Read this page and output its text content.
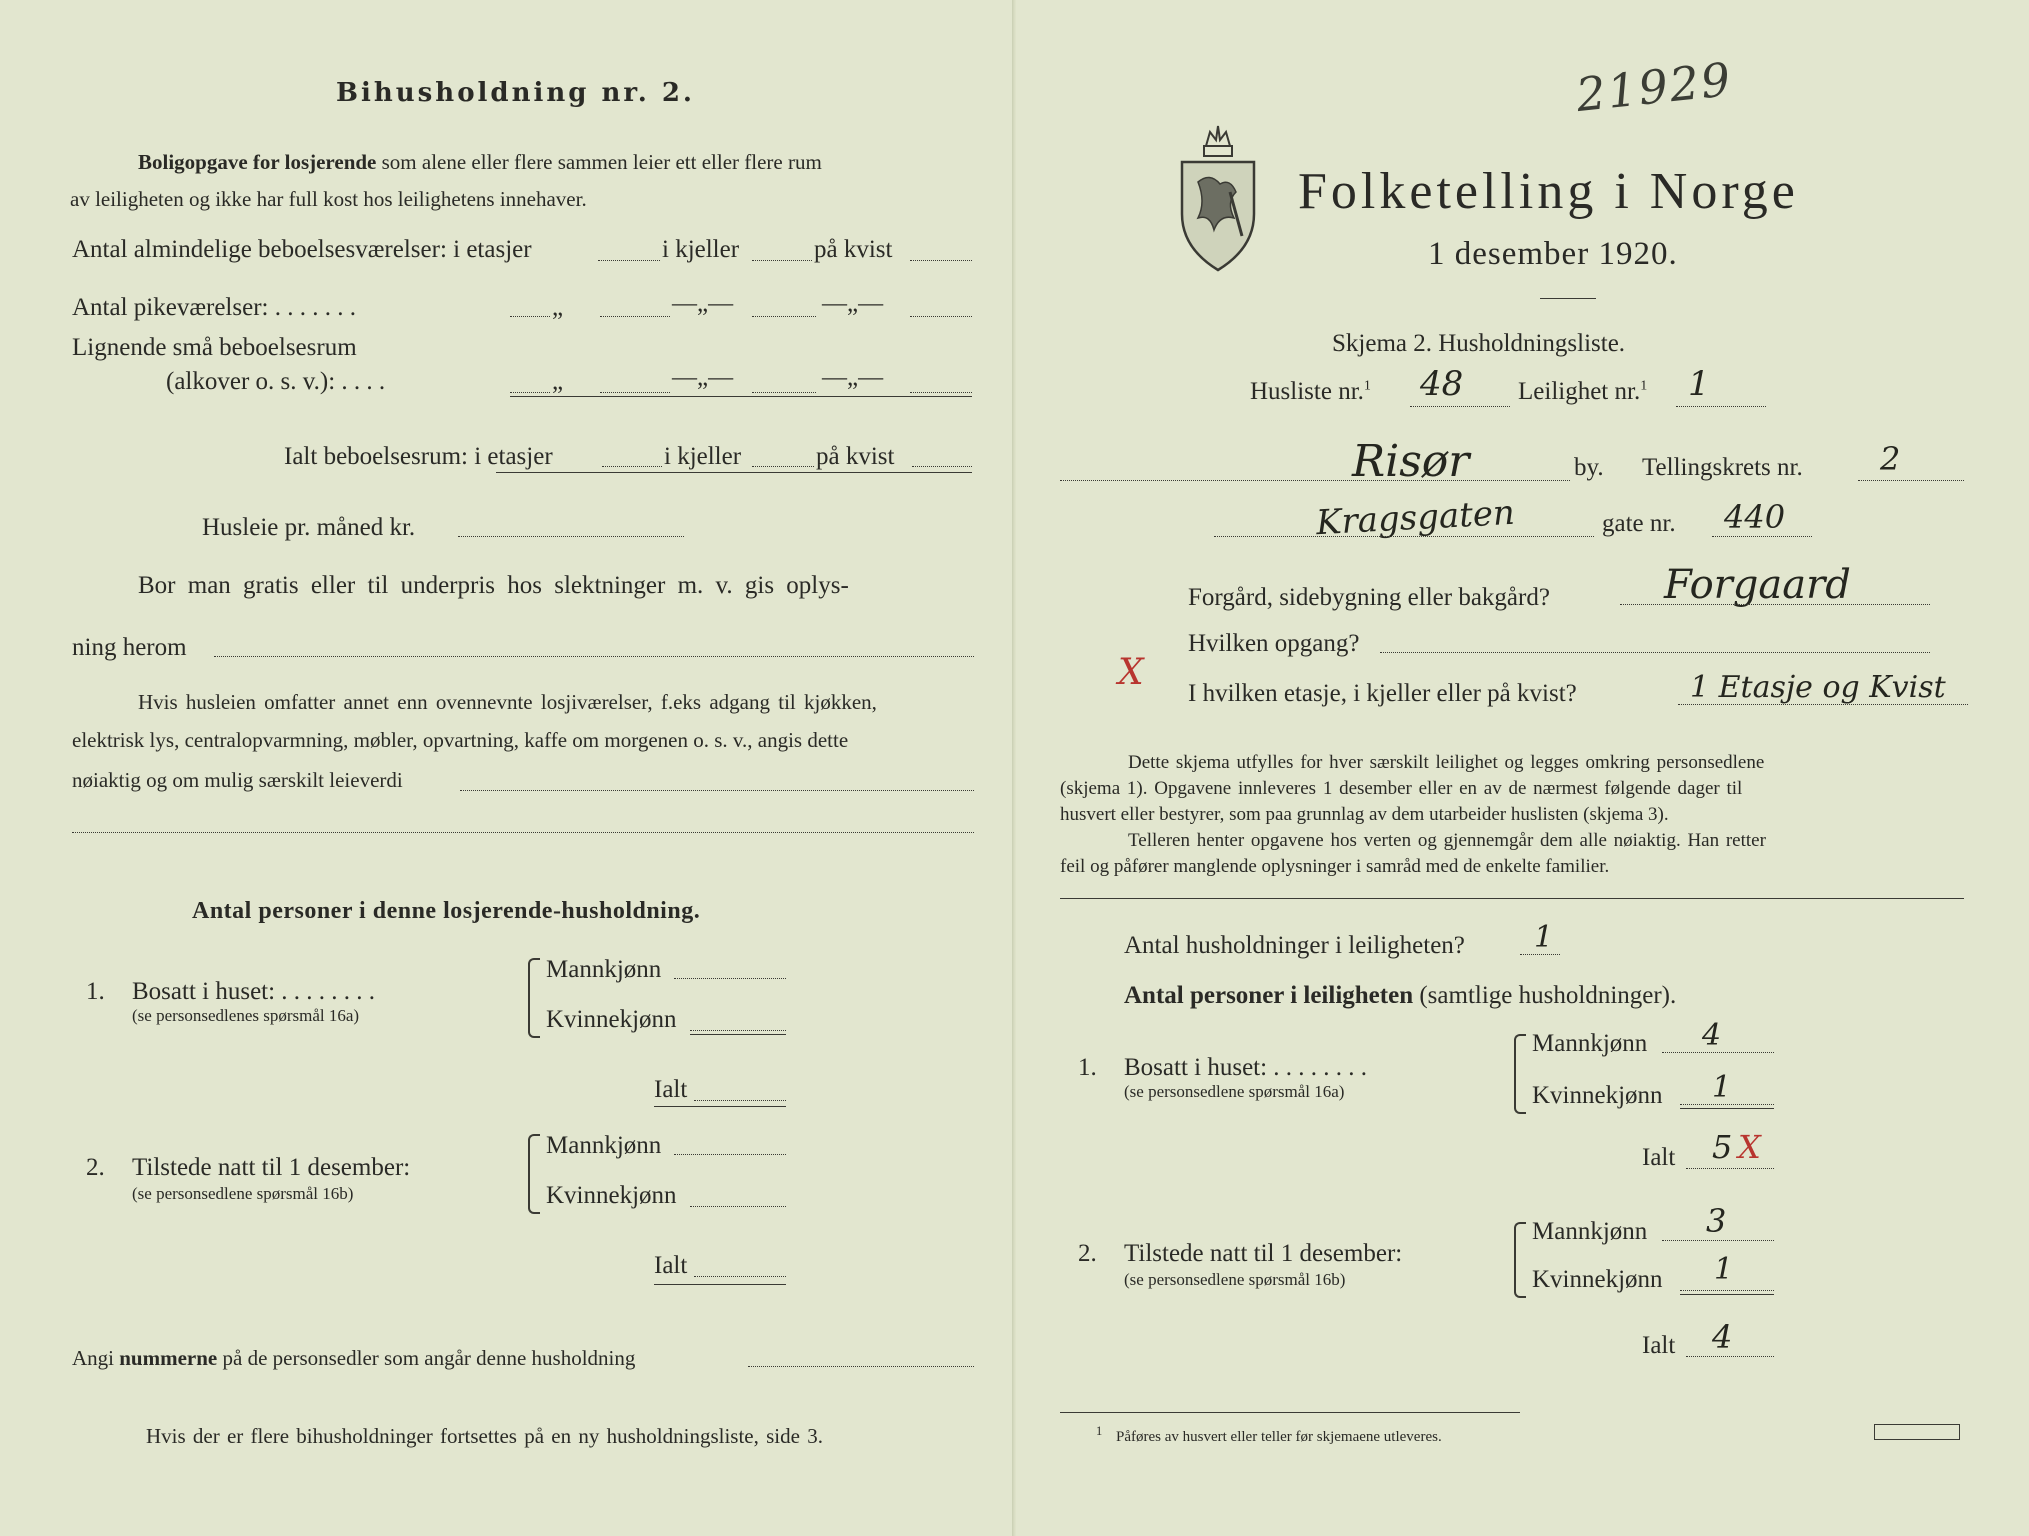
Bihusholdning nr. 2.
Boligopgave for losjerende som alene eller flere sammen leier ett eller flere rum
av leiligheten og ikke har full kost hos leilighetens innehaver.
Antal almindelige beboelsesværelser: i etasjer	i kjeller	på kvist
Antal pikeværelser: . . . . . . .	„	—„—	—„—
Lignende små beboelsesrum
(alkover o. s. v.): . . . .	„	—„—	—„—
Ialt beboelsesrum: i etasjer	i kjeller	på kvist
Husleie pr. måned kr.
Bor man gratis eller til underpris hos slektninger m. v. gis oplys-
ning herom
Hvis husleien omfatter annet enn ovennevnte losjiværelser, f.eks adgang til kjøkken,
elektrisk lys, centralopvarmning, møbler, opvartning, kaffe om morgenen o. s. v., angis dette
nøiaktig og om mulig særskilt leieverdi
Antal personer i denne losjerende-husholdning.
1. Bosatt i huset: . . . . . . . .
(se personsedlenes spørsmål 16a)
Mannkjønn
Kvinnekjønn
Ialt
2. Tilstede natt til 1 desember:
(se personsedlene spørsmål 16b)
Mannkjønn
Kvinnekjønn
Ialt
Angi nummerne på de personsedler som angår denne husholdning
Hvis der er flere bihusholdninger fortsettes på en ny husholdningsliste, side 3.
21929
Folketelling i Norge
1 desember 1920.
Skjema 2. Husholdningsliste.
Husliste nr.$^1$ 48 Leilighet nr.$^1$ 1
Risør	by. Tellingskrets nr. 2
Kragsgaten	gate nr. 440
Forgård, sidebygning eller bakgård?	Forgaard
Hvilken opgang?
X
I hvilken etasje, i kjeller eller på kvist?	1 Etasje og Kvist
Dette skjema utfylles for hver særskilt leilighet og legges omkring personsedlene
(skjema 1). Opgavene innleveres 1 desember eller en av de nærmest følgende dager til
husvert eller bestyrer, som paa grunnlag av dem utarbeider huslisten (skjema 3).
Telleren henter opgavene hos verten og gjennemgår dem alle nøiaktig. Han retter
feil og påfører manglende oplysninger i samråd med de enkelte familier.
Antal husholdninger i leiligheten? 1
Antal personer i leiligheten (samtlige husholdninger).
1. Bosatt i huset: . . . . . . . .
(se personsedlene spørsmål 16a)
Mannkjønn 4
Kvinnekjønn 1
Ialt 5 X
2. Tilstede natt til 1 desember:
(se personsedlene spørsmål 16b)
Mannkjønn 3
Kvinnekjønn 1
Ialt 4
$^1$ Påføres av husvert eller teller før skjemaene utleveres.
